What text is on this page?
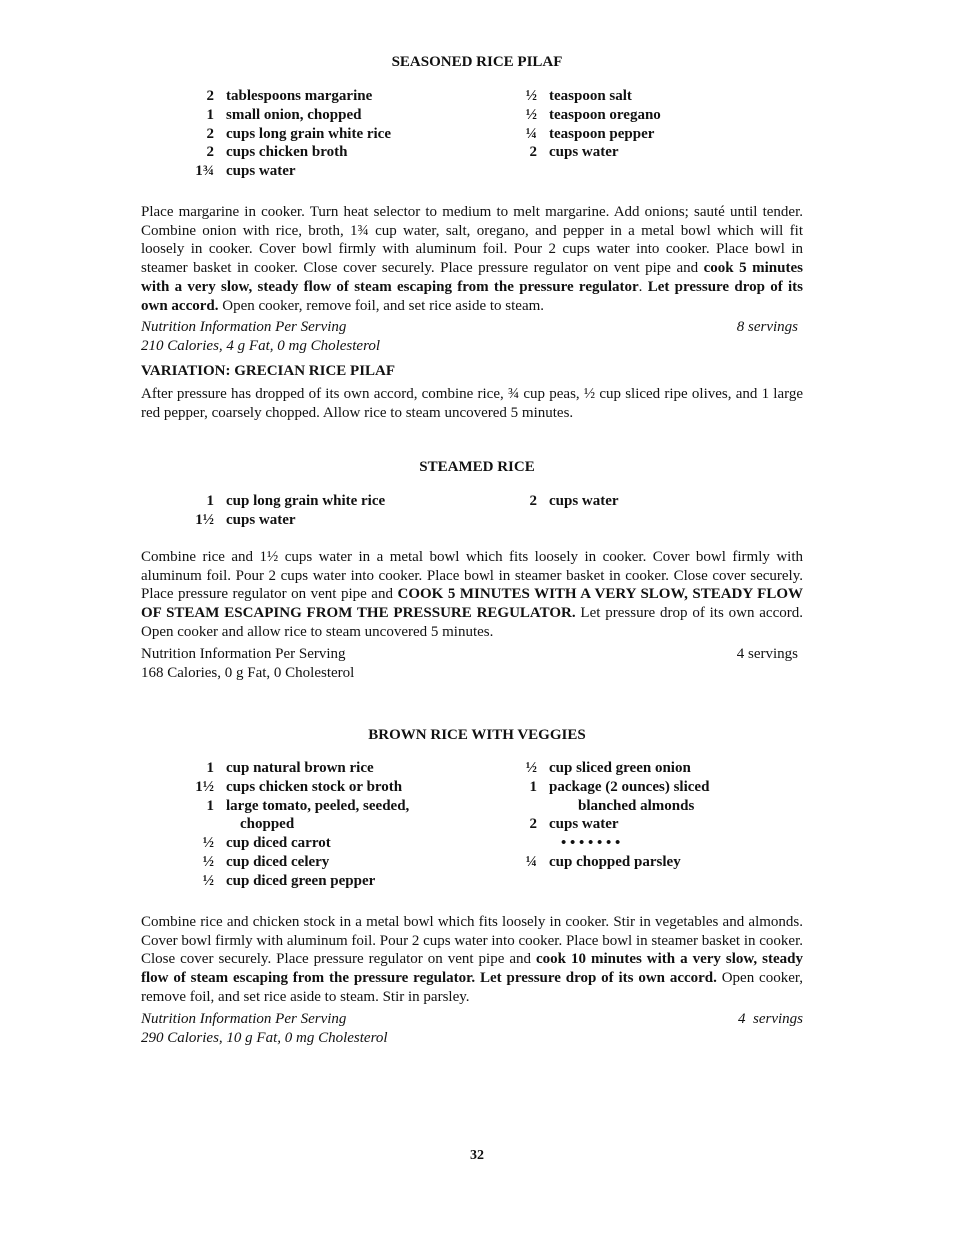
SEASONED RICE PILAF
2 tablespoons margarine
1 small onion, chopped
2 cups long grain white rice
2 cups chicken broth
1¾ cups water
½ teaspoon salt
½ teaspoon oregano
¼ teaspoon pepper
2 cups water
Place margarine in cooker. Turn heat selector to medium to melt margarine. Add onions; sauté until tender. Combine onion with rice, broth, 1¾ cup water, salt, oregano, and pepper in a metal bowl which will fit loosely in cooker. Cover bowl firmly with aluminum foil. Pour 2 cups water into cooker. Place bowl in steamer basket in cooker. Close cover securely. Place pressure regulator on vent pipe and cook 5 minutes with a very slow, steady flow of steam escaping from the pressure regulator. Let pressure drop of its own accord. Open cooker, remove foil, and set rice aside to steam.
Nutrition Information Per Serving	8 servings
210 Calories, 4 g Fat, 0 mg Cholesterol
VARIATION: GRECIAN RICE PILAF
After pressure has dropped of its own accord, combine rice, ¾ cup peas, ½ cup sliced ripe olives, and 1 large red pepper, coarsely chopped. Allow rice to steam uncovered 5 minutes.
STEAMED RICE
1 cup long grain white rice
1½ cups water
2 cups water
Combine rice and 1½ cups water in a metal bowl which fits loosely in cooker. Cover bowl firmly with aluminum foil. Pour 2 cups water into cooker. Place bowl in steamer basket in cooker. Close cover securely. Place pressure regulator on vent pipe and COOK 5 MINUTES WITH A VERY SLOW, STEADY FLOW OF STEAM ESCAPING FROM THE PRESSURE REGULATOR. Let pressure drop of its own accord. Open cooker and allow rice to steam uncovered 5 minutes.
Nutrition Information Per Serving	4 servings
168 Calories, 0 g Fat, 0 Cholesterol
BROWN RICE WITH VEGGIES
1 cup natural brown rice
1½ cups chicken stock or broth
1 large tomato, peeled, seeded,
chopped
½ cup diced carrot
½ cup diced celery
½ cup diced green pepper
½ cup sliced green onion
1 package (2 ounces) sliced
blanched almonds
2 cups water
• • • • • • •
¼ cup chopped parsley
Combine rice and chicken stock in a metal bowl which fits loosely in cooker. Stir in vegetables and almonds. Cover bowl firmly with aluminum foil. Pour 2 cups water into cooker. Place bowl in steamer basket in cooker. Close cover securely. Place pressure regulator on vent pipe and cook 10 minutes with a very slow, steady flow of steam escaping from the pressure regulator. Let pressure drop of its own accord. Open cooker, remove foil, and set rice aside to steam. Stir in parsley.
Nutrition Information Per Serving	4  servings
290 Calories, 10 g Fat, 0 mg Cholesterol
32
